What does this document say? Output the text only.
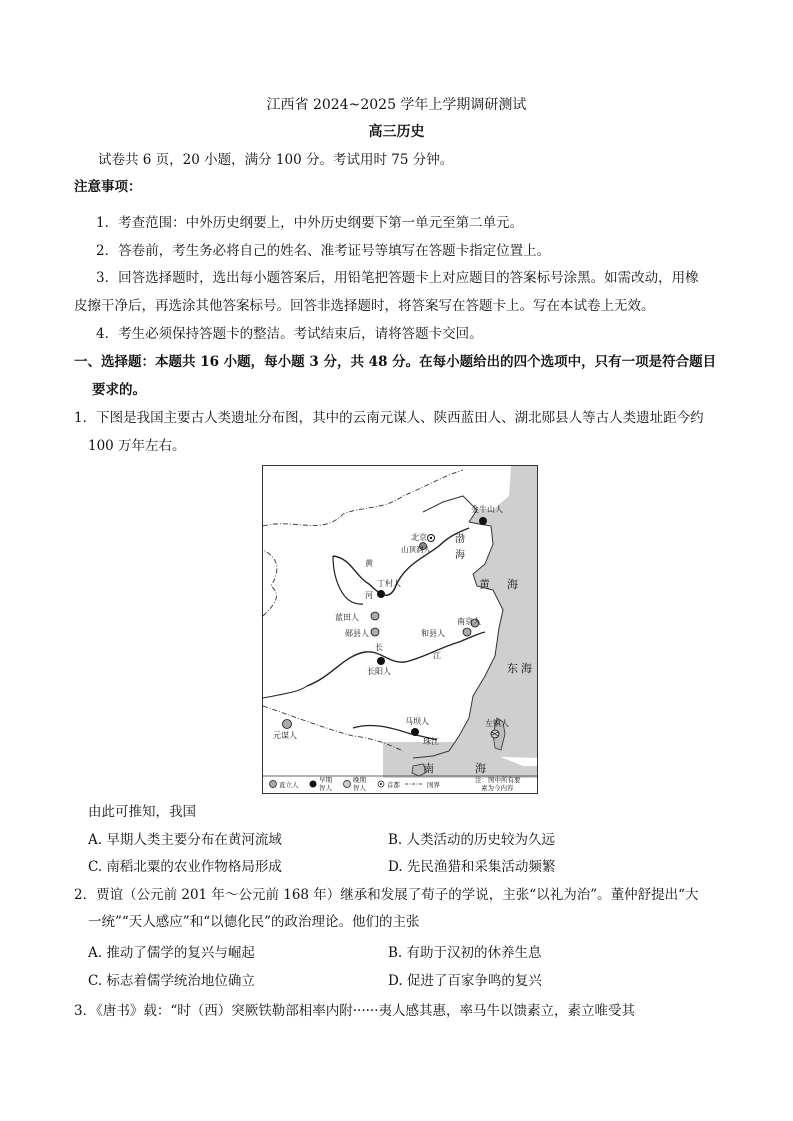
江西省 2024~2025 学年上学期调研测试
高三历史
试卷共 6 页，20 小题，满分 100 分。考试用时 75 分钟。
注意事项：
1．考查范围：中外历史纲要上，中外历史纲要下第一单元至第二单元。
2．答卷前，考生务必将自己的姓名、准考证号等填写在答题卡指定位置上。
3．回答选择题时，选出每小题答案后，用铅笔把答题卡上对应题目的答案标号涂黑。如需改动，用橡
皮擦干净后，再选涂其他答案标号。回答非选择题时，将答案写在答题卡上。写在本试卷上无效。
4．考生必须保持答题卡的整洁。考试结束后，请将答题卡交回。
一、选择题：本题共 16 小题，每小题 3 分，共 48 分。在每小题给出的四个选项中，只有一项是符合题目
要求的。
1．下图是我国主要古人类遗址分布图，其中的云南元谋人、陕西蓝田人、湖北郧县人等古人类遗址距今约
100 万年左右。
金牛山人
北京
山顶洞人
渤
海
黄
河
丁村人	黄 海
蓝田人
郧县人
南京人
和县人
长
江
长阳人	东 海
元谋人
马坝人	左镇人
珠江
南	海
直立人
早期
智人
晚期
智人	首都	国界
注：图中所有要
素为今内容
由此可推知，我国
A. 早期人类主要分布在黄河流域	B. 人类活动的历史较为久远
C. 南稻北粟的农业作物格局形成	D. 先民渔猎和采集活动频繁
2．贾谊（公元前 201 年～公元前 168 年）继承和发展了荀子的学说，主张“以礼为治”。董仲舒提出“大
一统”“天人感应”和“以德化民”的政治理论。他们的主张
A. 推动了儒学的复兴与崛起	B. 有助于汉初的休养生息
C. 标志着儒学统治地位确立	D. 促进了百家争鸣的复兴
3．《唐书》载：“时（西）突厥铁勒部相率内附······夷人感其惠，率马牛以馈素立，素立唯受其
